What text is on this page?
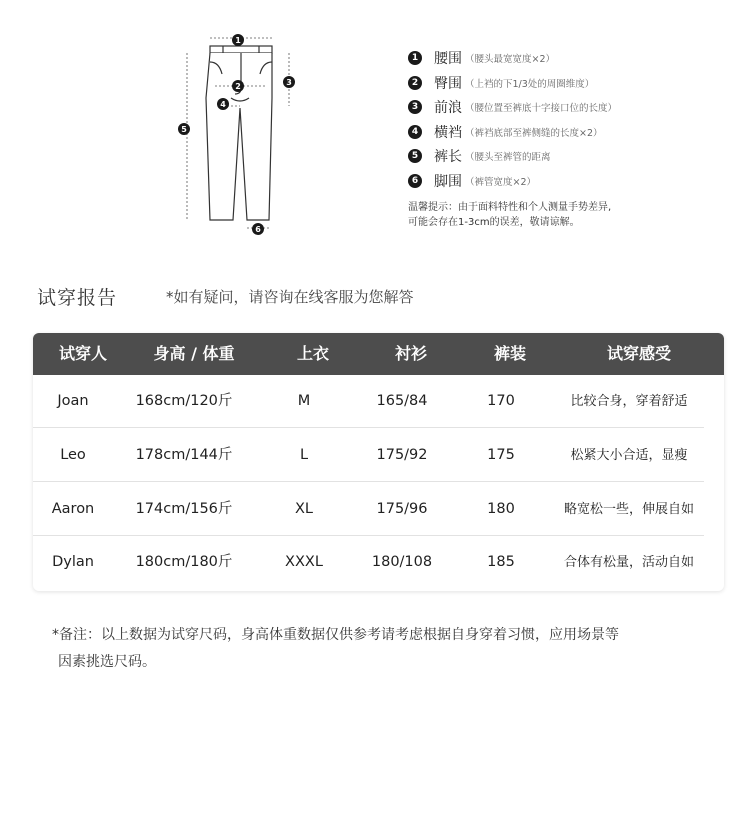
1
2	3
4
5
6
1 腰围 （腰头最宽宽度×2）
2 臀围 （上裆的下1/3处的周圈维度）
3 前浪 （腰位置至裤底十字接口位的长度）
4 横裆 （裤裆底部至裤侧缝的长度×2）
5 裤长 （腰头至裤管的距离
6 脚围 （裤管宽度×2）
温馨提示：由于面料特性和个人测量手势差异,
可能会存在1-3cm的误差，敬请谅解。
试穿报告	*如有疑问，请咨询在线客服为您解答
试穿人	身高 / 体重	上衣	衬衫	裤装	试穿感受
Joan	168cm/120斤	M	165/84	170	比较合身，穿着舒适
Leo	178cm/144斤	L	175/92	175	松紧大小合适，显瘦
Aaron	174cm/156斤	XL	175/96	180	略宽松一些，伸展自如
Dylan	180cm/180斤	XXXL	180/108	185	合体有松量，活动自如
*备注：以上数据为试穿尺码，身高体重数据仅供参考请考虑根据自身穿着习惯，应用场景等
因素挑选尺码。
